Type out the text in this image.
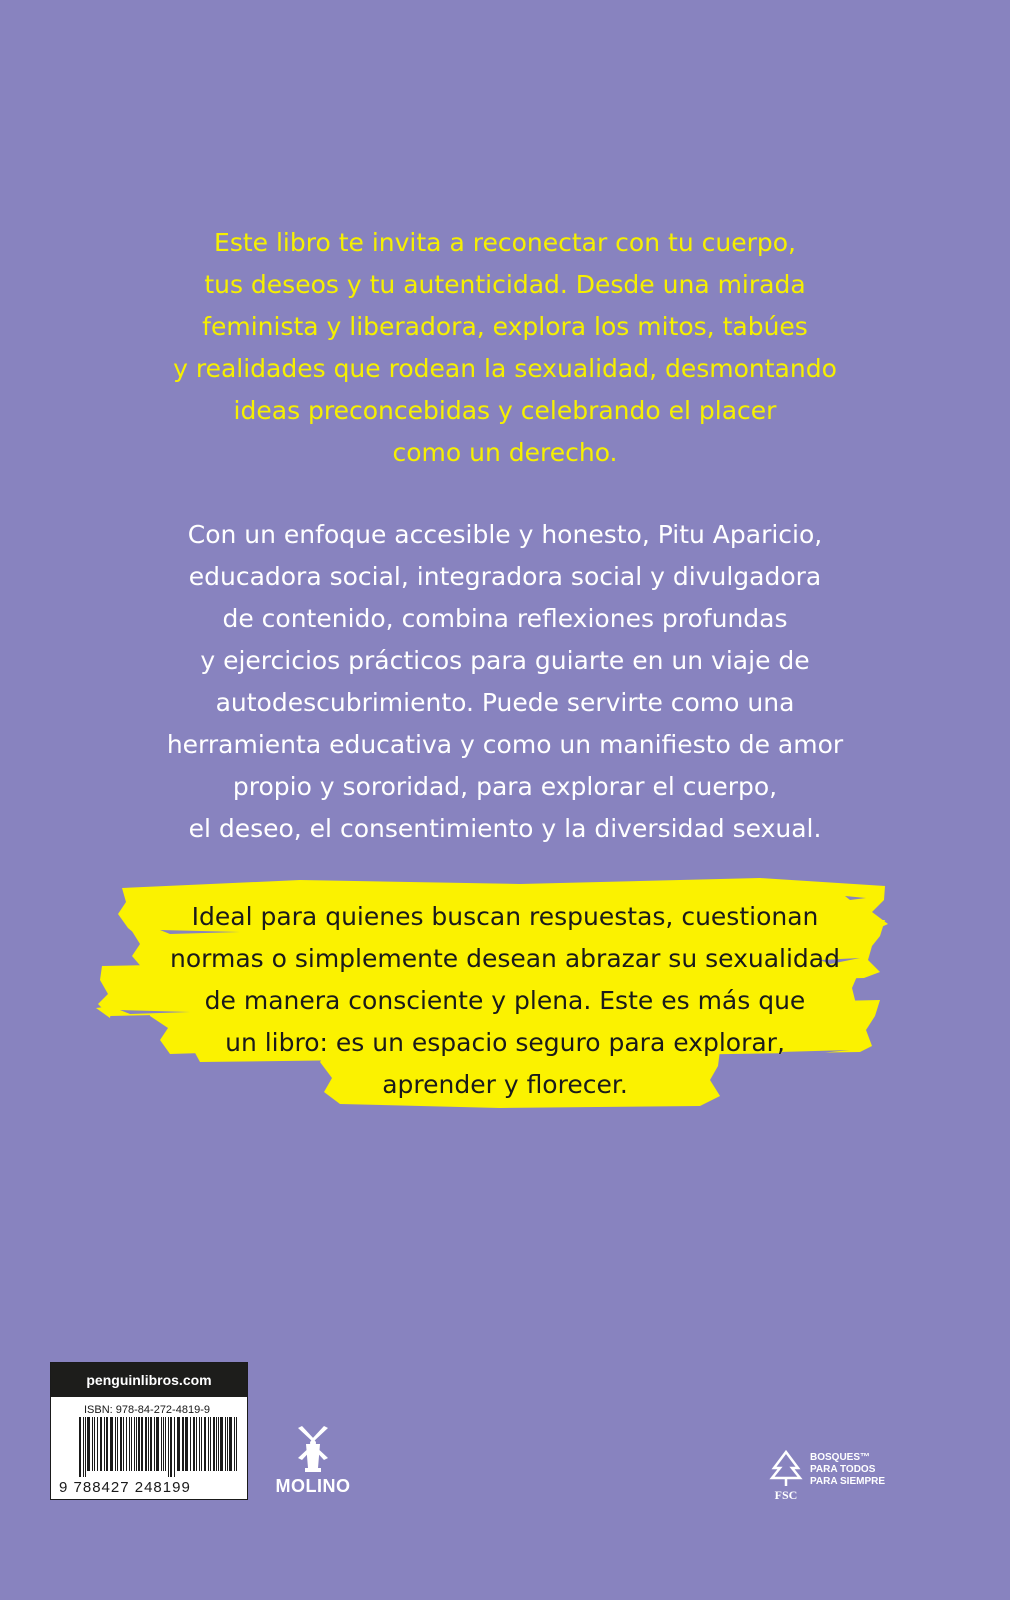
Este libro te invita a reconectar con tu cuerpo,
tus deseos y tu autenticidad. Desde una mirada
feminista y liberadora, explora los mitos, tabúes
y realidades que rodean la sexualidad, desmontando
ideas preconcebidas y celebrando el placer
como un derecho.

Con un enfoque accesible y honesto, Pitu Aparicio,
educadora social, integradora social y divulgadora
de contenido, combina reflexiones profundas
y ejercicios prácticos para guiarte en un viaje de
autodescubrimiento. Puede servirte como una
herramienta educativa y como un manifiesto de amor
propio y sororidad, para explorar el cuerpo,
el deseo, el consentimiento y la diversidad sexual.

Ideal para quienes buscan respuestas, cuestionan
normas o simplemente desean abrazar su sexualidad
de manera consciente y plena. Este es más que
un libro: es un espacio seguro para explorar,
aprender y florecer.

penguinlibros.com
ISBN: 978-84-272-4819-9
9 788427 248199	MOLINO	FSC
BOSQUES™
PARA TODOS
PARA SIEMPRE
